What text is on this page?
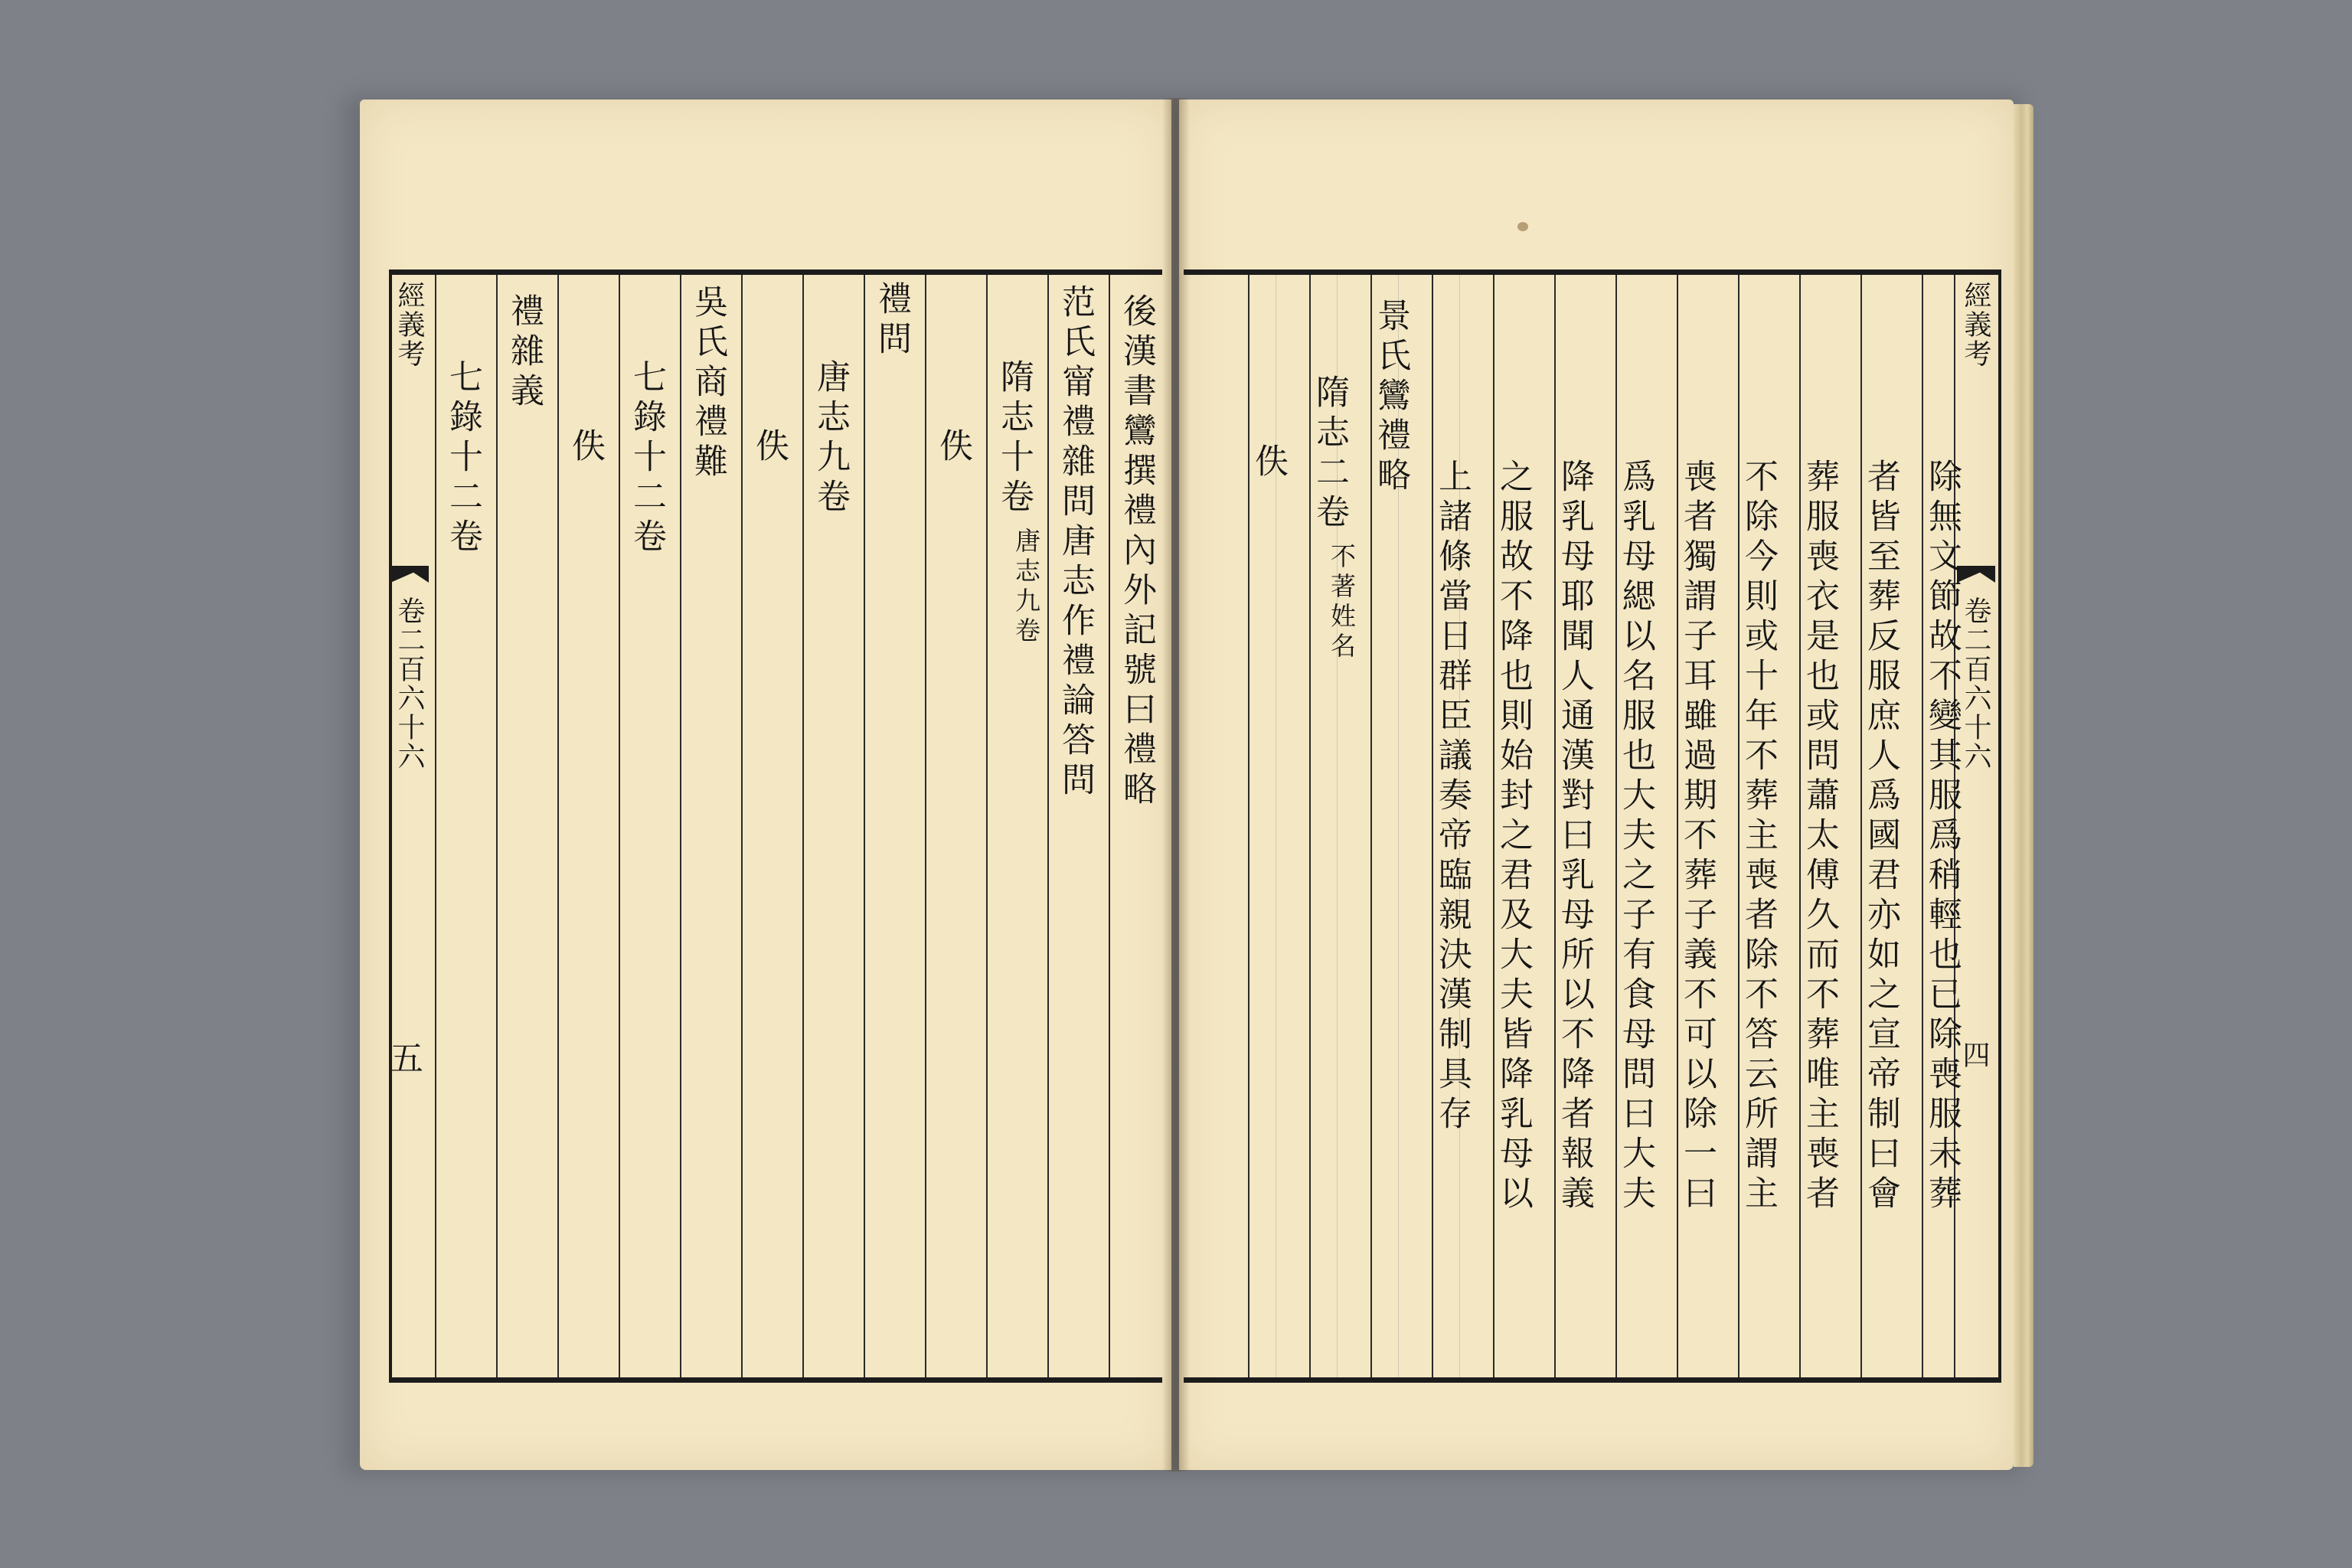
經義考
卷二百六十六
五
後漢書鸞撰禮內外記號曰禮略
范氏甯禮雜問唐志作禮論答問
隋志十卷
唐志九卷
佚
禮問
唐志九卷
佚
吳氏商禮難
七錄十二卷
佚
禮雜義
七錄十二卷
經義考
卷二百六十六
四
除無文節故不變其服爲稍輕也已除喪服未葬
者皆至葬反服庶人爲國君亦如之宣帝制曰會
葬服喪衣是也或問蕭太傅久而不葬唯主喪者
不除今則或十年不葬主喪者除不答云所謂主
喪者獨謂子耳雖過期不葬子義不可以除一曰
爲乳母緦以名服也大夫之子有食母問曰大夫
降乳母耶聞人通漢對曰乳母所以不降者報義
之服故不降也則始封之君及大夫皆降乳母以
上諸條當日群臣議奏帝臨親決漢制具存
景氏鸞禮略
隋志二卷
不著姓名
佚
